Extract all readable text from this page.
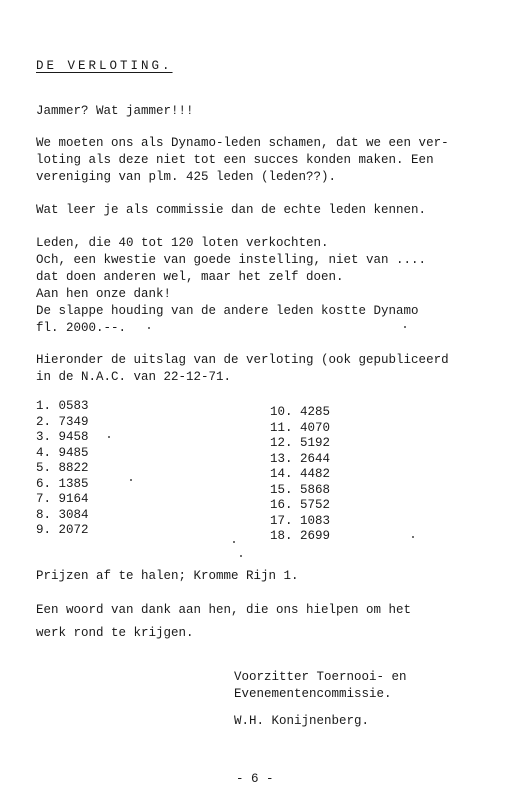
DE VERLOTING.
Jammer? Wat jammer!!!
We moeten ons als Dynamo-leden schamen, dat we een ver-
loting als deze niet tot een succes konden maken. Een
vereniging van plm. 425 leden (leden??).
Wat leer je als commissie dan de echte leden kennen.
Leden, die 40 tot 120 loten verkochten.
Och, een kwestie van goede instelling, niet van ....
dat doen anderen wel, maar het zelf doen.
Aan hen onze dank!
De slappe houding van de andere leden kostte Dynamo
fl. 2000.--.
Hieronder de uitslag van de verloting (ook gepubliceerd
in de N.A.C. van 22-12-71.
1. 0583
2. 7349
3. 9458
4. 9485
5. 8822
6. 1385
7. 9164
8. 3084
9. 2072
10. 4285
11. 4070
12. 5192
13. 2644
14. 4482
15. 5868
16. 5752
17. 1083
18. 2699
Prijzen af te halen; Kromme Rijn 1.
Een woord van dank aan hen, die ons hielpen om het
werk rond te krijgen.
Voorzitter Toernooi- en
Evenementencommissie.
W.H. Konijnenberg.
- 6 -
